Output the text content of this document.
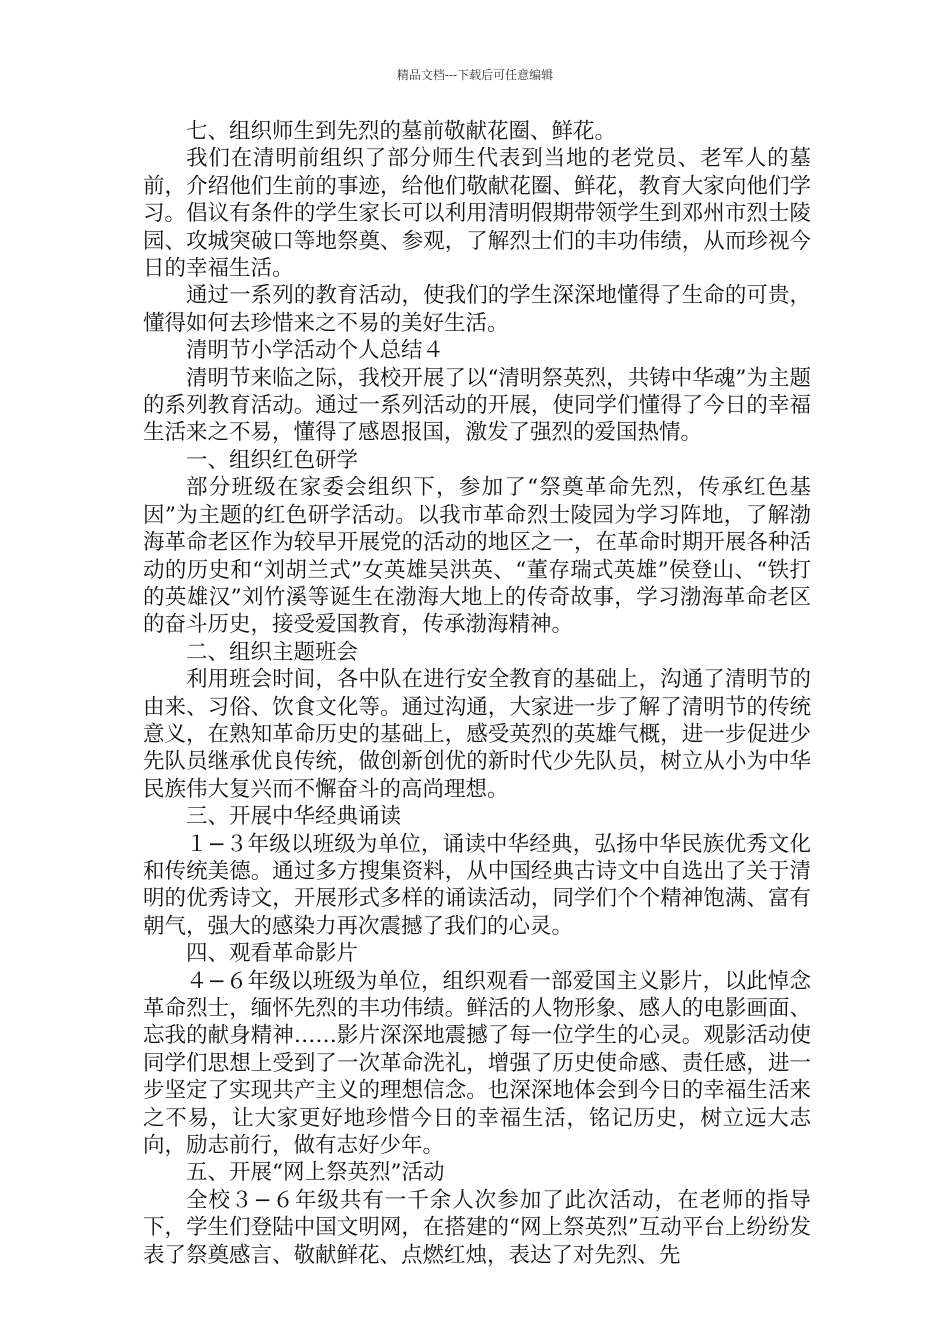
精品文档---下载后可任意编辑

七、组织师生到先烈的墓前敬献花圈、鲜花。

我们在清明前组织了部分师生代表到当地的老党员、老军人的墓前，介绍他们生前的事迹，给他们敬献花圈、鲜花，教育大家向他们学习。倡议有条件的学生家长可以利用清明假期带领学生到邓州市烈士陵园、攻城突破口等地祭奠、参观，了解烈士们的丰功伟绩，从而珍视今日的幸福生活。

通过一系列的教育活动，使我们的学生深深地懂得了生命的可贵，懂得如何去珍惜来之不易的美好生活。

清明节小学活动个人总结４

清明节来临之际，我校开展了以“清明祭英烈，共铸中华魂”为主题的系列教育活动。通过一系列活动的开展，使同学们懂得了今日的幸福生活来之不易，懂得了感恩报国，激发了强烈的爱国热情。

一、组织红色研学

部分班级在家委会组织下，参加了“祭奠革命先烈，传承红色基因”为主题的红色研学活动。以我市革命烈士陵园为学习阵地，了解渤海革命老区作为较早开展党的活动的地区之一，在革命时期开展各种活动的历史和“刘胡兰式”女英雄吴洪英、“董存瑞式英雄”侯登山、“铁打的英雄汉”刘竹溪等诞生在渤海大地上的传奇故事，学习渤海革命老区的奋斗历史，接受爱国教育，传承渤海精神。

二、组织主题班会

利用班会时间，各中队在进行安全教育的基础上，沟通了清明节的由来、习俗、饮食文化等。通过沟通，大家进一步了解了清明节的传统意义，在熟知革命历史的基础上，感受英烈的英雄气概，进一步促进少先队员继承优良传统，做创新创优的新时代少先队员，树立从小为中华民族伟大复兴而不懈奋斗的高尚理想。

三、开展中华经典诵读

１−３年级以班级为单位，诵读中华经典，弘扬中华民族优秀文化和传统美德。通过多方搜集资料，从中国经典古诗文中自选出了关于清明的优秀诗文，开展形式多样的诵读活动，同学们个个精神饱满、富有朝气，强大的感染力再次震撼了我们的心灵。

四、观看革命影片

４−６年级以班级为单位，组织观看一部爱国主义影片，以此悼念革命烈士，缅怀先烈的丰功伟绩。鲜活的人物形象、感人的电影画面、忘我的献身精神……影片深深地震撼了每一位学生的心灵。观影活动使同学们思想上受到了一次革命洗礼，增强了历史使命感、责任感，进一步坚定了实现共产主义的理想信念。也深深地体会到今日的幸福生活来之不易，让大家更好地珍惜今日的幸福生活，铭记历史，树立远大志向，励志前行，做有志好少年。

五、开展“网上祭英烈”活动

全校３−６年级共有一千余人次参加了此次活动，在老师的指导下，学生们登陆中国文明网，在搭建的“网上祭英烈”互动平台上纷纷发表了祭奠感言、敬献鲜花、点燃红烛，表达了对先烈、先
